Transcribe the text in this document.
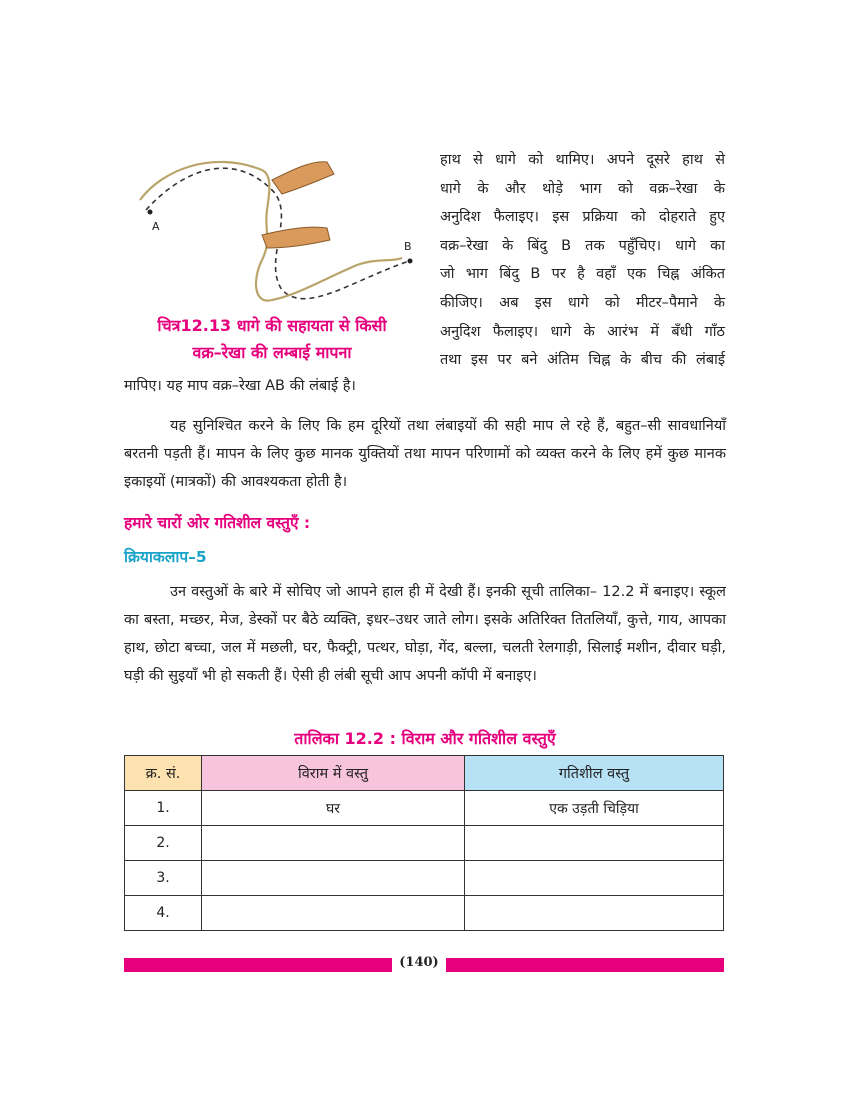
A
B
चित्र12.13 धागे की सहायता से किसी
वक्र–रेखा की लम्बाई मापना
हाथ से धागे को थामिए। अपने दूसरे हाथ से
धागे के और थोड़े भाग को वक्र–रेखा के
अनुदिश फैलाइए। इस प्रक्रिया को दोहराते हुए
वक्र–रेखा के बिंदु B तक पहुँचिए। धागे का
जो भाग बिंदु B पर है वहाँ एक चिह्न अंकित
कीजिए। अब इस धागे को मीटर–पैमाने के
अनुदिश फैलाइए। धागे के आरंभ में बँधी गाँठ
तथा इस पर बने अंतिम चिह्न के बीच की लंबाई
मापिए। यह माप वक्र–रेखा AB की लंबाई है।
यह सुनिश्चित करने के लिए कि हम दूरियों तथा लंबाइयों की सही माप ले रहे हैं, बहुत–सी सावधानियाँ बरतनी पड़ती हैं। मापन के लिए कुछ मानक युक्तियों तथा मापन परिणामों को व्यक्त करने के लिए हमें कुछ मानक इकाइयों (मात्रकों) की आवश्यकता होती है।
हमारे चारों ओर गतिशील वस्तुएँ :
क्रियाकलाप–5
उन वस्तुओं के बारे में सोचिए जो आपने हाल ही में देखी हैं। इनकी सूची तालिका– 12.2 में बनाइए। स्कूल का बस्ता, मच्छर, मेज, डेस्कों पर बैठे व्यक्ति, इधर–उधर जाते लोग। इसके अतिरिक्त तितलियाँ, कुत्ते, गाय, आपका हाथ, छोटा बच्चा, जल में मछली, घर, फैक्ट्री, पत्थर, घोड़ा, गेंद, बल्ला, चलती रेलगाड़ी, सिलाई मशीन, दीवार घड़ी, घड़ी की सुइयाँ भी हो सकती हैं। ऐसी ही लंबी सूची आप अपनी कॉपी में बनाइए।
तालिका 12.2 : विराम और गतिशील वस्तुएँ
क्र. सं.	विराम में वस्तु	गतिशील वस्तु
1.	घर	एक उड़ती चिड़िया
2.		
3.		
4.		
(140)
